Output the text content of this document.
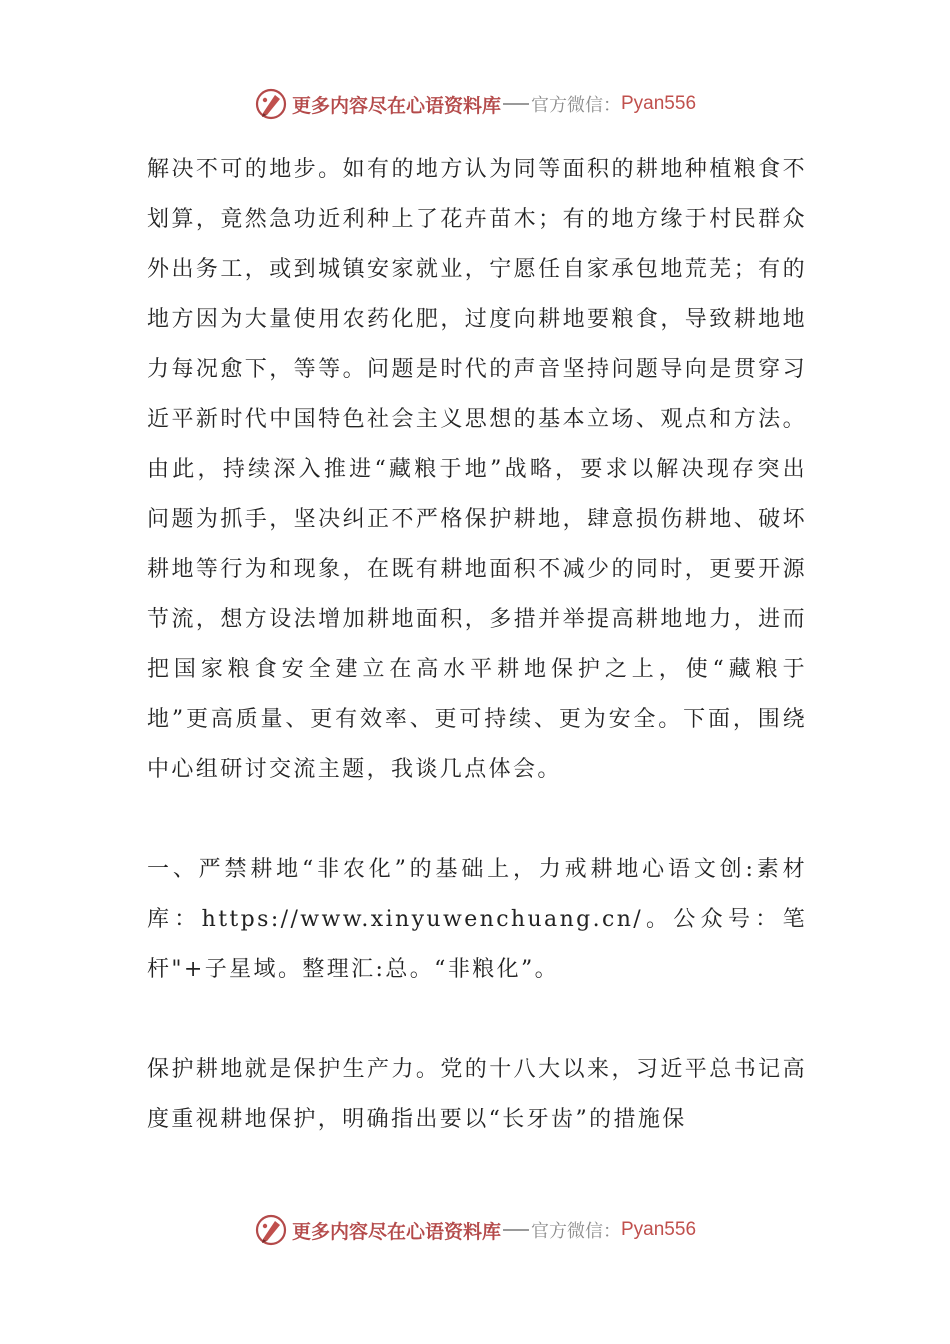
更多内容尽在心语资料库 官方微信： Pyan556

解决不可的地步。如有的地方认为同等面积的耕地种植粮食不划算，竟然急功近利种上了花卉苗木；有的地方缘于村民群众外出务工，或到城镇安家就业，宁愿任自家承包地荒芜；有的地方因为大量使用农药化肥，过度向耕地要粮食，导致耕地地力每况愈下，等等。问题是时代的声音坚持问题导向是贯穿习近平新时代中国特色社会主义思想的基本立场、观点和方法。由此，持续深入推进“藏粮于地”战略，要求以解决现存突出问题为抓手，坚决纠正不严格保护耕地，肆意损伤耕地、破坏耕地等行为和现象，在既有耕地面积不减少的同时，更要开源节流，想方设法增加耕地面积，多措并举提高耕地地力，进而把国家粮食安全建立在高水平耕地保护之上，使“藏粮于地”更高质量、更有效率、更可持续、更为安全。下面，围绕中心组研讨交流主题，我谈几点体会。

一、严禁耕地“非农化”的基础上，力戒耕地心语文创:素材库：https://www.xinyuwenchuang.cn/。公众号：笔杆"+子星域。整理汇:总。“非粮化”。

保护耕地就是保护生产力。党的十八大以来，习近平总书记高度重视耕地保护，明确指出要以“长牙齿”的措施保

更多内容尽在心语资料库 官方微信： Pyan556
